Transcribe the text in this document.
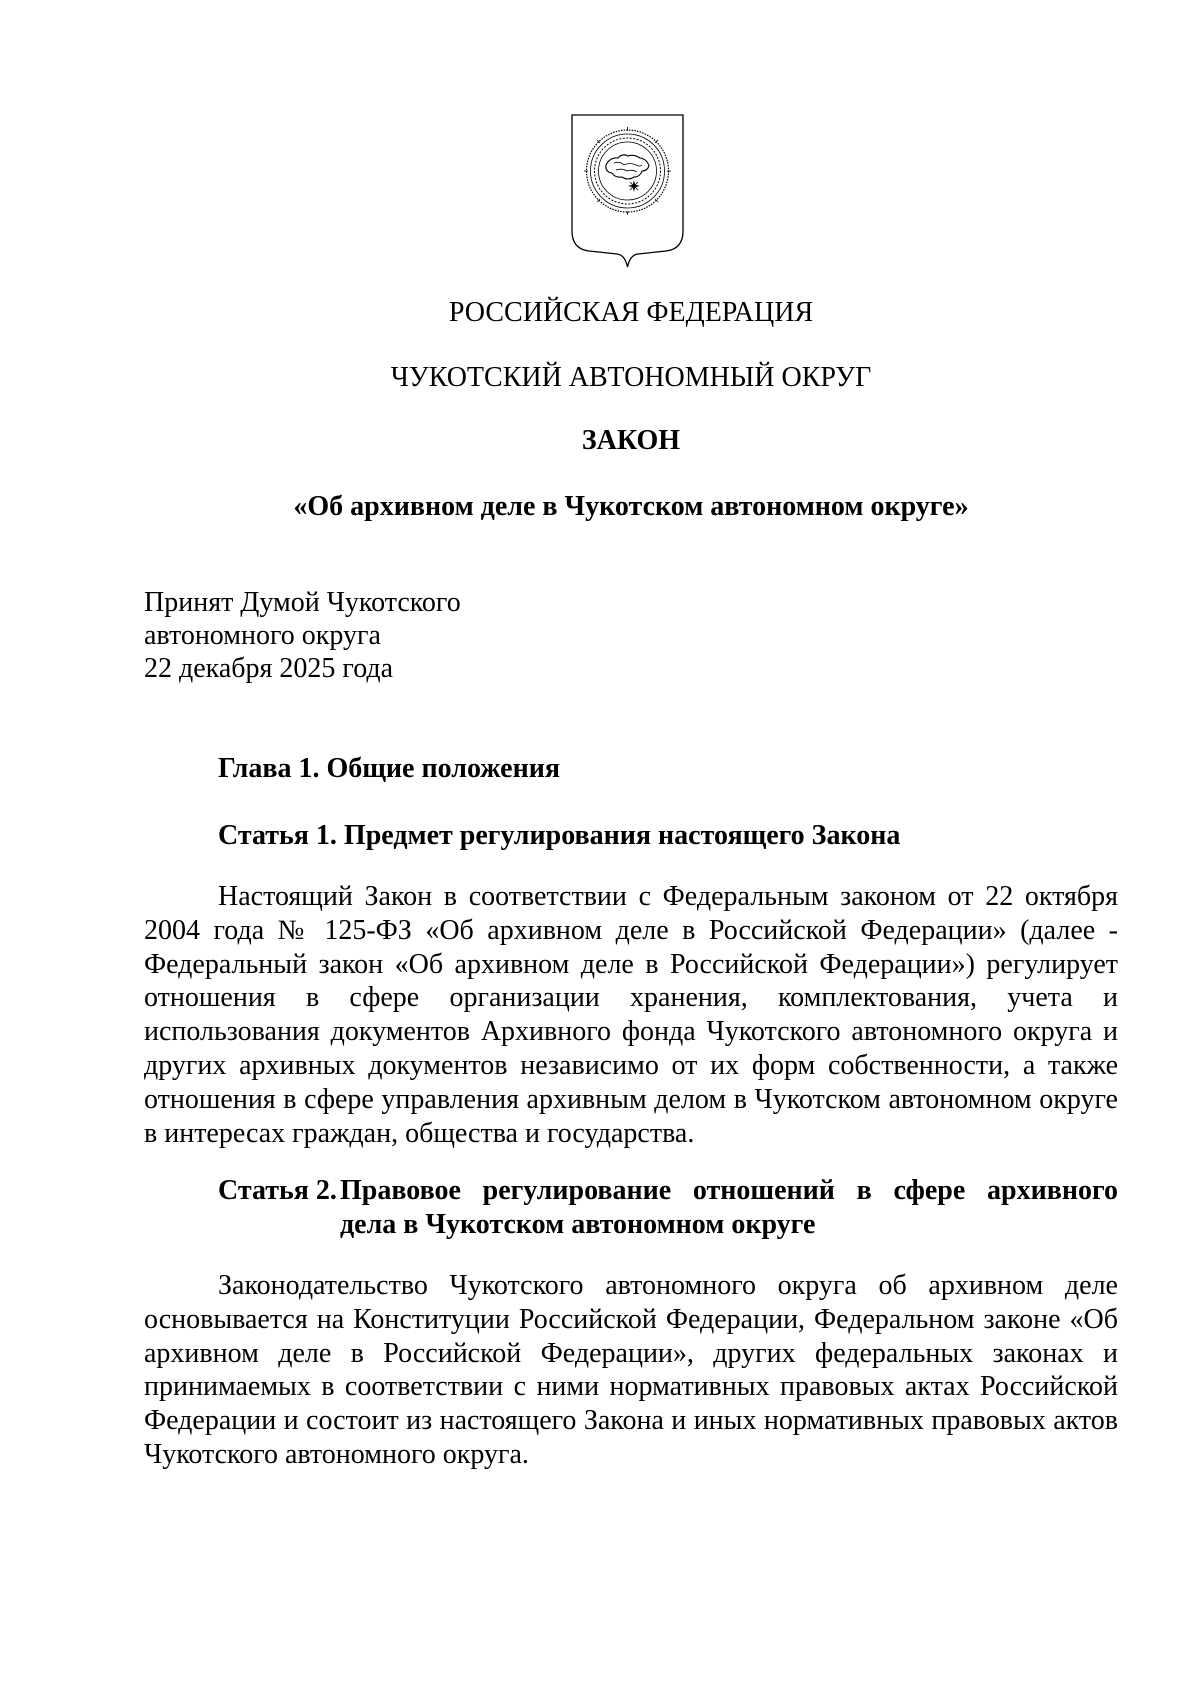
РОССИЙСКАЯ ФЕДЕРАЦИЯ
ЧУКОТСКИЙ АВТОНОМНЫЙ ОКРУГ
ЗАКОН
«Об архивном деле в Чукотском автономном округе»
Принят Думой Чукотского
автономного округа
22 декабря 2025 года
Глава 1. Общие положения
Статья 1. Предмет регулирования настоящего Закона
Настоящий Закон в соответствии с Федеральным законом от 22 октября 2004 года № 125-ФЗ «Об архивном деле в Российской Федерации» (далее - Федеральный закон «Об архивном деле в Российской Федерации») регулирует отношения в сфере организации хранения, комплектования, учета и использования документов Архивного фонда Чукотского автономного округа и других архивных документов независимо от их форм собственности, а также отношения в сфере управления архивным делом в Чукотском автономном округе в интересах граждан, общества и государства.
Статья 2. Правовое регулирование отношений в сфере архивного
дела в Чукотском автономном округе
Законодательство Чукотского автономного округа об архивном деле основывается на Конституции Российской Федерации, Федеральном законе «Об архивном деле в Российской Федерации», других федеральных законах и принимаемых в соответствии с ними нормативных правовых актах Российской Федерации и состоит из настоящего Закона и иных нормативных правовых актов Чукотского автономного округа.
